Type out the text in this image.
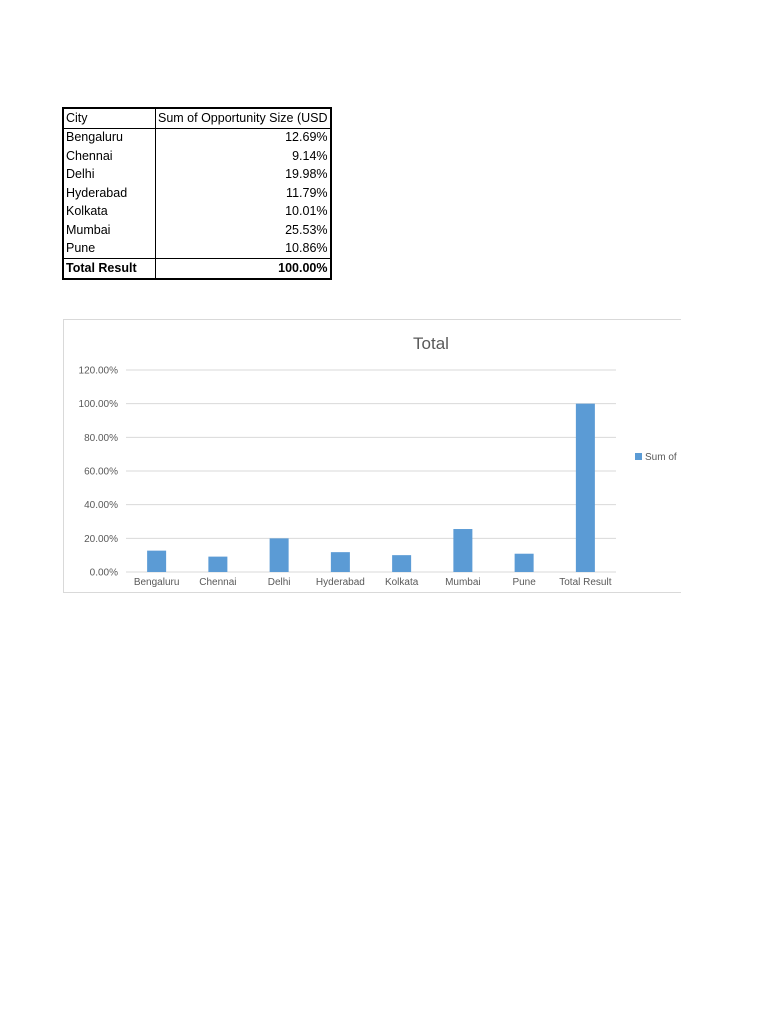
City	Sum of Opportunity Size (USD
Bengaluru	12.69%
Chennai	9.14%
Delhi	19.98%
Hyderabad	11.79%
Kolkata	10.01%
Mumbai	25.53%
Pune	10.86%
Total Result	100.00%
Total
0.00%
20.00%
40.00%
60.00%
80.00%
100.00%
120.00%
Bengaluru Chennai	Delhi	Hyderabad Kolkata	Mumbai	Pune Total Result
Sum of
